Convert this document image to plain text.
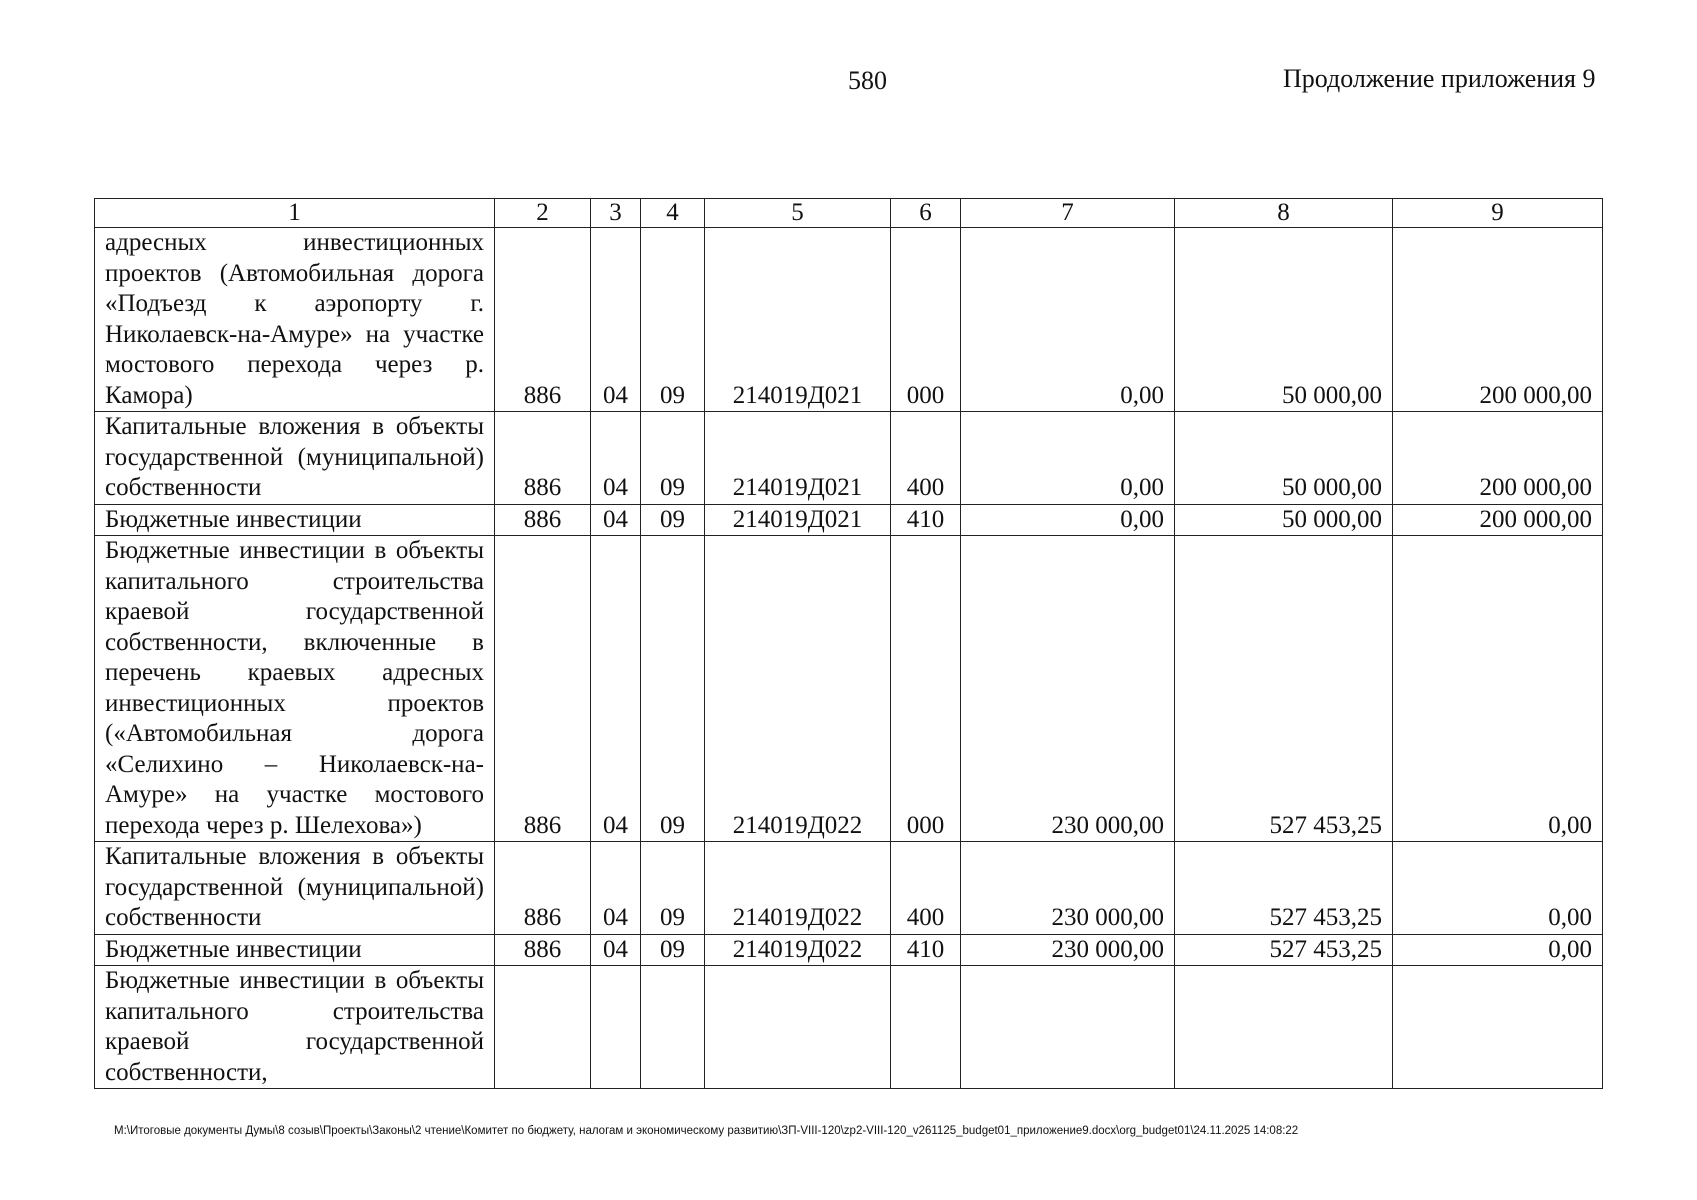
580	Продолжение приложения 9
1	2	3	4	5	6	7	8	9
адресных инвестиционных проектов (Автомобильная дорога «Подъезд к аэропорту г. Николаевск-на-Амуре» на участке мостового перехода через р. Камора)	886	04	09	214019Д021	000	0,00	50 000,00	200 000,00
Капитальные вложения в объекты государственной (муниципальной) собственности	886	04	09	214019Д021	400	0,00	50 000,00	200 000,00
Бюджетные инвестиции	886	04	09	214019Д021	410	0,00	50 000,00	200 000,00
Бюджетные инвестиции в объекты капитального строительства краевой государственной собственности, включенные в перечень краевых адресных инвестиционных проектов («Автомобильная дорога «Селихино – Николаевск-на-Амуре» на участке мостового перехода через р. Шелехова»)	886	04	09	214019Д022	000	230 000,00	527 453,25	0,00
Капитальные вложения в объекты государственной (муниципальной) собственности	886	04	09	214019Д022	400	230 000,00	527 453,25	0,00
Бюджетные инвестиции	886	04	09	214019Д022	410	230 000,00	527 453,25	0,00
Бюджетные инвестиции в объекты капитального строительства краевой государственной собственности,								
M:\Итоговые документы Думы\8 созыв\Проекты\Законы\2 чтение\Комитет по бюджету, налогам и экономическому развитию\ЗП-VIII-120\zp2-VIII-120_v261125_budget01_приложение9.docx\org_budget01\24.11.2025 14:08:22
